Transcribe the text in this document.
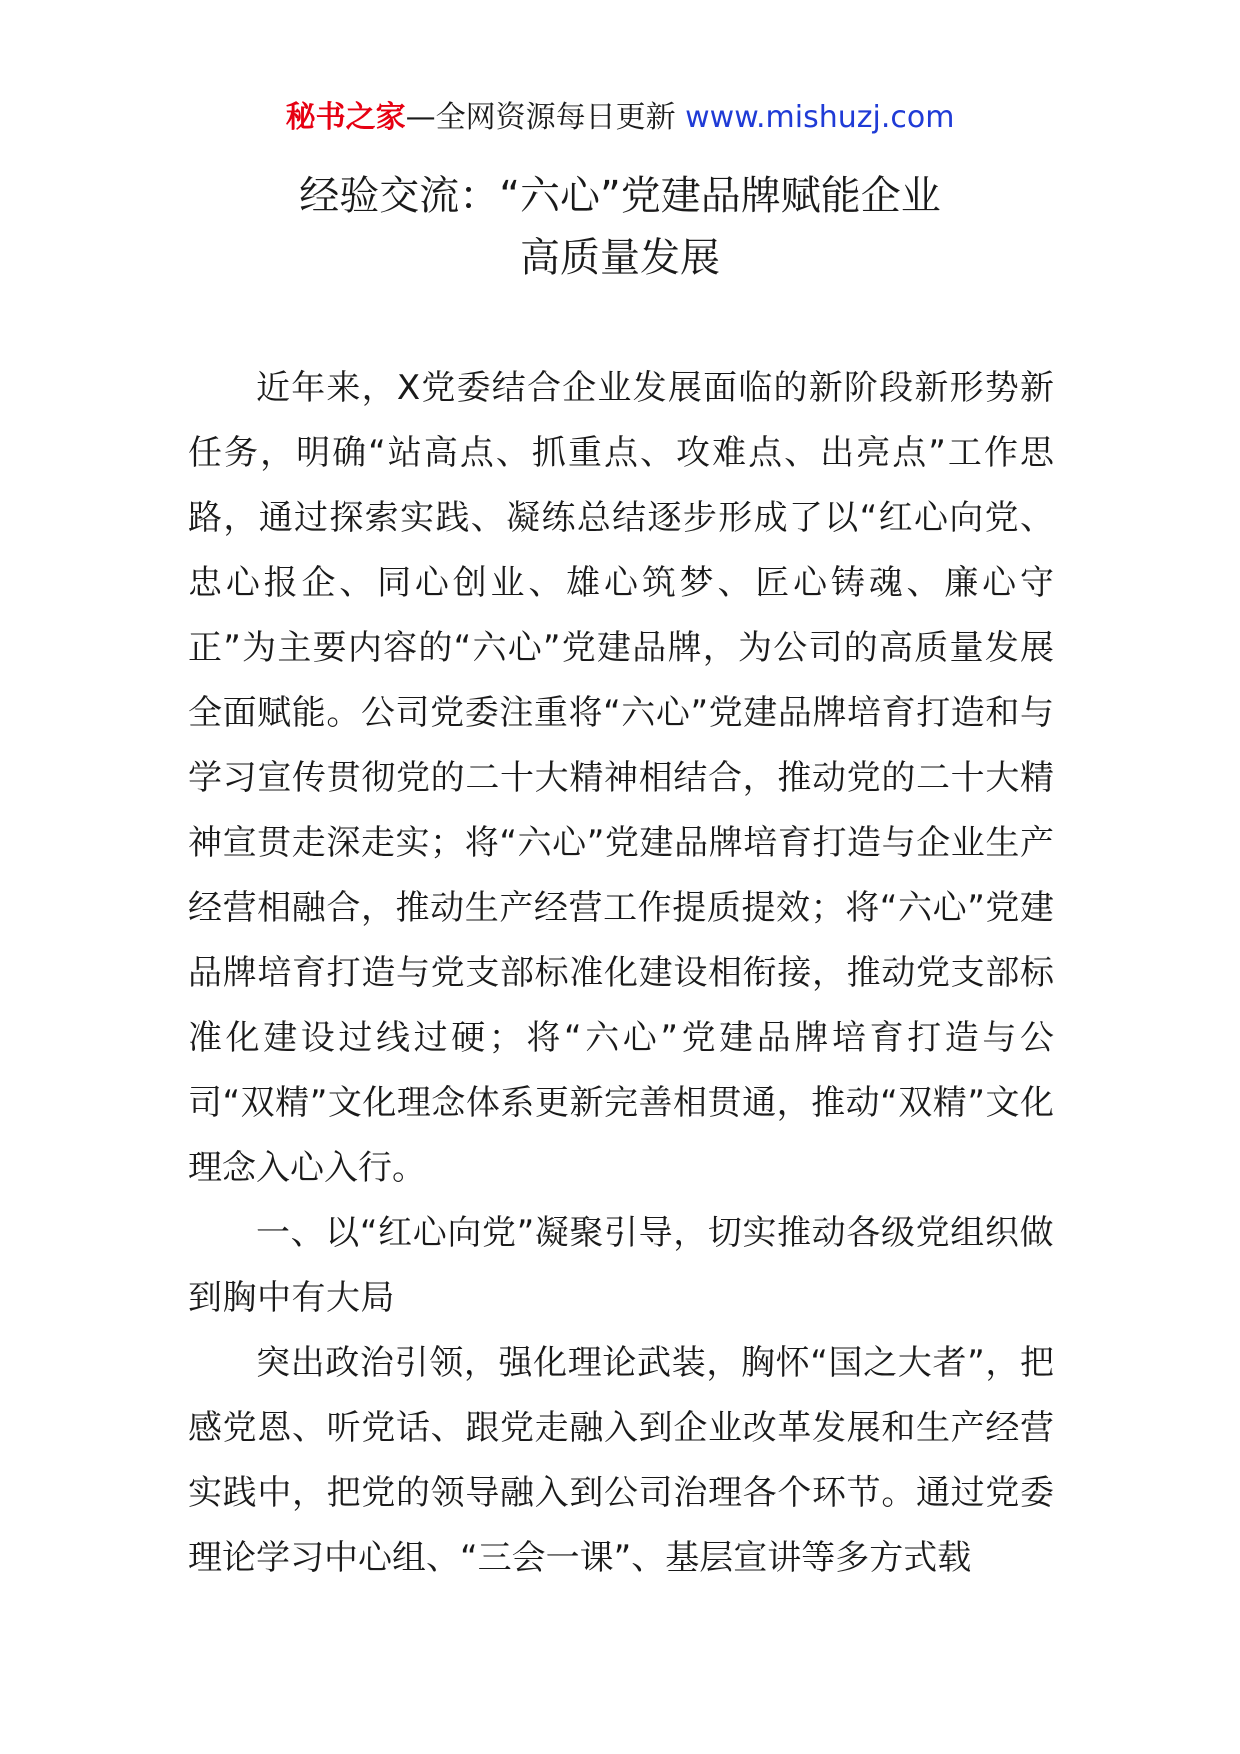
秘书之家—全网资源每日更新 www.mishuzj.com
经验交流：“六心”党建品牌赋能企业
高质量发展

近年来，X党委结合企业发展面临的新阶段新形势新任务，明确“站高点、抓重点、攻难点、出亮点”工作思路，通过探索实践、凝练总结逐步形成了以“红心向党、忠心报企、同心创业、雄心筑梦、匠心铸魂、廉心守正”为主要内容的“六心”党建品牌，为公司的高质量发展全面赋能。公司党委注重将“六心”党建品牌培育打造和与学习宣传贯彻党的二十大精神相结合，推动党的二十大精神宣贯走深走实；将“六心”党建品牌培育打造与企业生产经营相融合，推动生产经营工作提质提效；将“六心”党建品牌培育打造与党支部标准化建设相衔接，推动党支部标准化建设过线过硬；将“六心”党建品牌培育打造与公司“双精”文化理念体系更新完善相贯通，推动“双精”文化理念入心入行。

一、以“红心向党”凝聚引导，切实推动各级党组织做到胸中有大局

突出政治引领，强化理论武装，胸怀“国之大者”，把感党恩、听党话、跟党走融入到企业改革发展和生产经营实践中，把党的领导融入到公司治理各个环节。通过党委理论学习中心组、“三会一课”、基层宣讲等多方式载
